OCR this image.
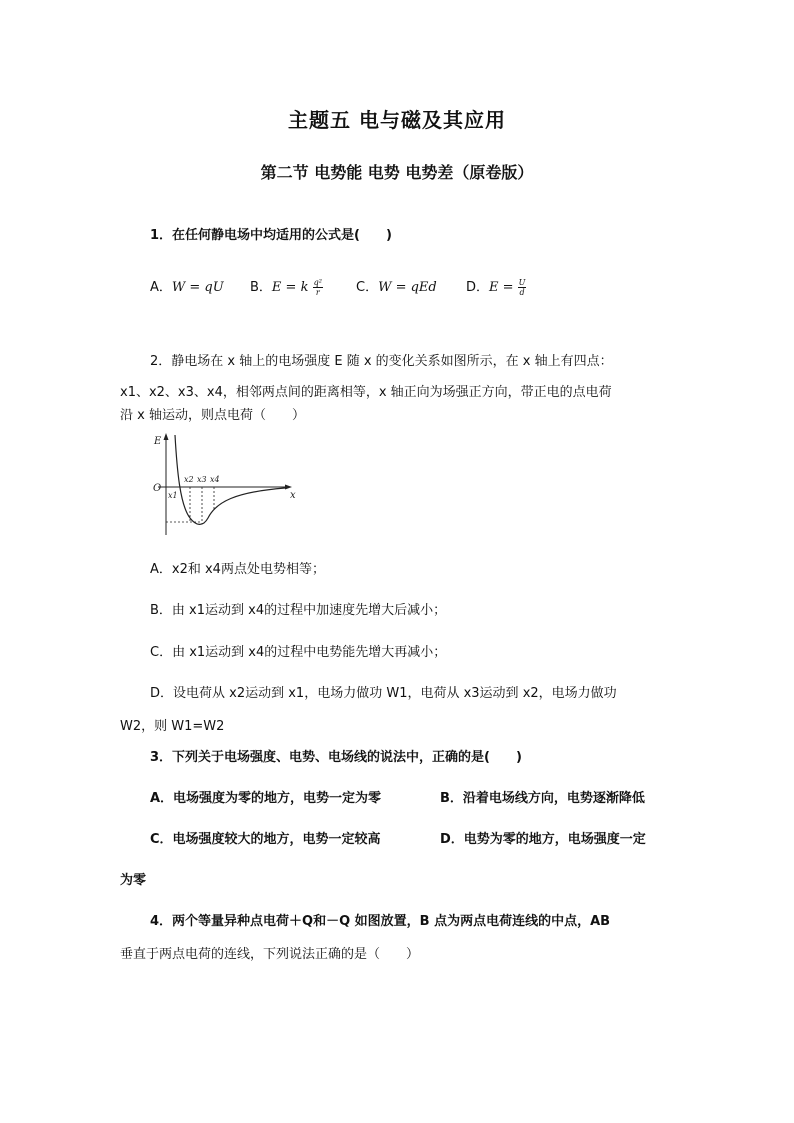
主题五 电与磁及其应用
第二节 电势能 电势 电势差（原卷版）
1．在任何静电场中均适用的公式是(　　)
A．W = qU B．E = k $\frac{\text{q²}}{r}$	C．W = qEd D．$E = \frac{U}{d}$
2．静电场在 x 轴上的电场强度 E 随 x 的变化关系如图所示，在 x 轴上有四点：
x1、x2、x3、x4，相邻两点间的距离相等，x 轴正向为场强正方向，带正电的点电荷
沿 x 轴运动，则点电荷（　　）
E
x
O
x1
x2 x3 x4
A．x2和 x4两点处电势相等；
B．由 x1运动到 x4的过程中加速度先增大后减小；
C．由 x1运动到 x4的过程中电势能先增大再减小；
D．设电荷从 x2运动到 x1，电场力做功 W1，电荷从 x3运动到 x2，电场力做功
W2，则 W1=W2
3．下列关于电场强度、电势、电场线的说法中，正确的是(　　)
A．电场强度为零的地方，电势一定为零	B．沿着电场线方向，电势逐渐降低
C．电场强度较大的地方，电势一定较高	D．电势为零的地方，电场强度一定
为零
4．两个等量异种点电荷＋Q和－Q 如图放置，B 点为两点电荷连线的中点，AB
垂直于两点电荷的连线，下列说法正确的是（　　）
